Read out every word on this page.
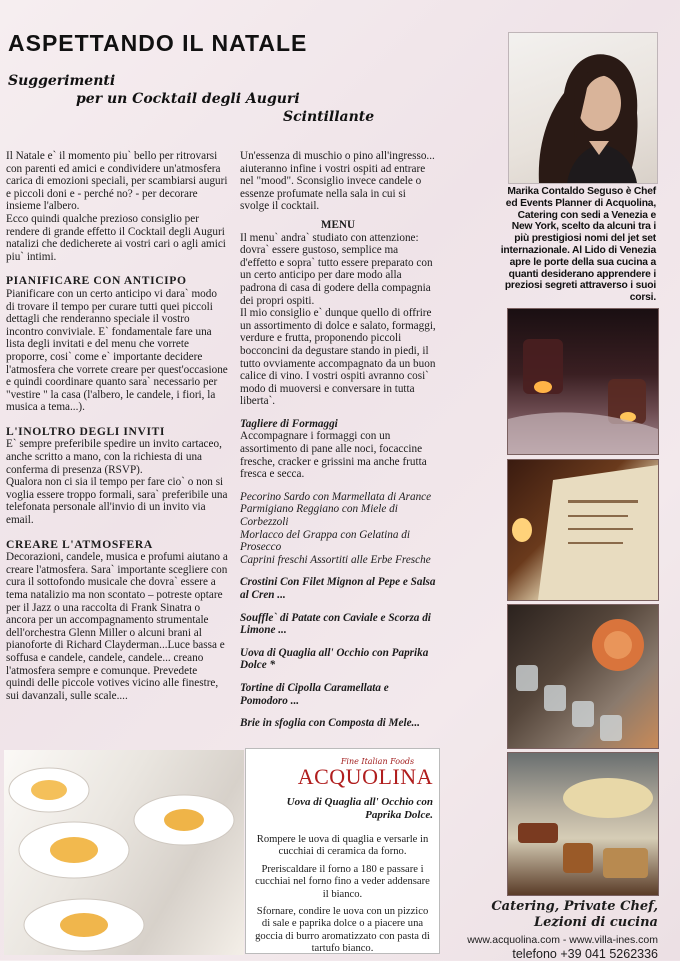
ASPETTANDO IL NATALE
Suggerimenti
per un Cocktail degli Auguri
Scintillante

Il Natale e` il momento piu` bello per ritrovarsi con parenti ed amici e condividere un'atmosfera carica di emozioni speciali, per scambiarsi auguri e piccoli doni e - perché no? - per decorare insieme l'albero.

Ecco quindi qualche prezioso consiglio per rendere di grande effetto il Cocktail degli Auguri natalizi che dedicherete ai vostri cari o agli amici piu` intimi.

PIANIFICARE CON ANTICIPO

Pianificare con un certo anticipo vi dara` modo di trovare il tempo per curare tutti quei piccoli dettagli che renderanno speciale il vostro incontro conviviale. E` fondamentale fare una lista degli invitati e del menu che vorrete proporre, cosi` come e` importante decidere l'atmosfera che vorrete creare per quest'occasione e quindi coordinare quanto sara` necessario per "vestire " la casa (l'albero, le candele, i fiori, la musica a tema...).

L'INOLTRO DEGLI INVITI

E` sempre preferibile spedire un invito cartaceo, anche scritto a mano, con la richiesta di una conferma di presenza (RSVP).

Qualora non ci sia il tempo per fare cio` o non si voglia essere troppo formali, sara` preferibile una telefonata personale all'invio di un invito via email.

CREARE L'ATMOSFERA

Decorazioni, candele, musica e profumi aiutano a creare l'atmosfera. Sara` importante scegliere con cura il sottofondo musicale che dovra` essere a tema natalizio ma non scontato – potreste optare per il Jazz o una raccolta di Frank Sinatra o ancora per un accompagnamento strumentale dell'orchestra Glenn Miller o alcuni brani al pianoforte di Richard Clayderman...Luce bassa e soffusa e candele, candele, candele... creano l'atmosfera sempre e comunque. Prevedete quindi delle piccole votives vicino alle finestre, sui davanzali, sulle scale....

Un'essenza di muschio o pino all'ingresso... aiuteranno infine i vostri ospiti ad entrare nel "mood". Sconsiglio invece candele o essenze profumate nella sala in cui si svolge il cocktail.

MENU

Il menu` andra` studiato con attenzione: dovra` essere gustoso, semplice ma d'effetto e sopra` tutto essere preparato con un certo anticipo per dare modo alla padrona di casa di godere della compagnia dei propri ospiti.

Il mio consiglio e` dunque quello di offrire un assortimento di dolce e salato, formaggi, verdure e frutta, proponendo piccoli bocconcini da degustare stando in piedi, il tutto ovviamente accompagnato da un buon calice di vino. I vostri ospiti avranno cosi` modo di muoversi e conversare in tutta liberta`.

Tagliere di Formaggi

Accompagnare i formaggi con un assortimento di pane alle noci, focaccine fresche, cracker e grissini ma anche frutta fresca e secca.

Pecorino Sardo con Marmellata di Arance

Parmigiano Reggiano con Miele di Corbezzoli

Morlacco del Grappa con Gelatina di Prosecco

Caprini freschi Assortiti alle Erbe Fresche

Crostini Con Filet Mignon al Pepe e Salsa al Cren ...

Souffle` di Patate con Caviale e Scorza di Limone ...

Uova di Quaglia all' Occhio con Paprika Dolce *

Tortine di Cipolla Caramellata e Pomodoro ...

Brie in sfoglia con Composta di Mele...

Marika Contaldo Seguso è Chef ed Events Planner di Acquolina, Catering con sedi a Venezia e New York, scelto da alcuni tra i più prestigiosi nomi del jet set internazionale. Al Lido di Venezia apre le porte della sua cucina a quanti desiderano apprendere i preziosi segreti attraverso i suoi corsi.
Fine Italian Foods
ACQUOLINA
Uova di Quaglia all' Occhio con Paprika Dolce.

Rompere le uova di quaglia e versarle in cucchiai di ceramica da forno.

Preriscaldare il forno a 180 e passare i cucchiai nel forno fino a veder addensare il bianco.

Sfornare, condire le uova con un pizzico di sale e paprika dolce o a piacere una goccia di burro aromatizzato con pasta di tartufo bianco.

Catering, Private Chef,
Lezioni di cucina
www.acquolina.com - www.villa-ines.com
telefono +39 041 5262336
